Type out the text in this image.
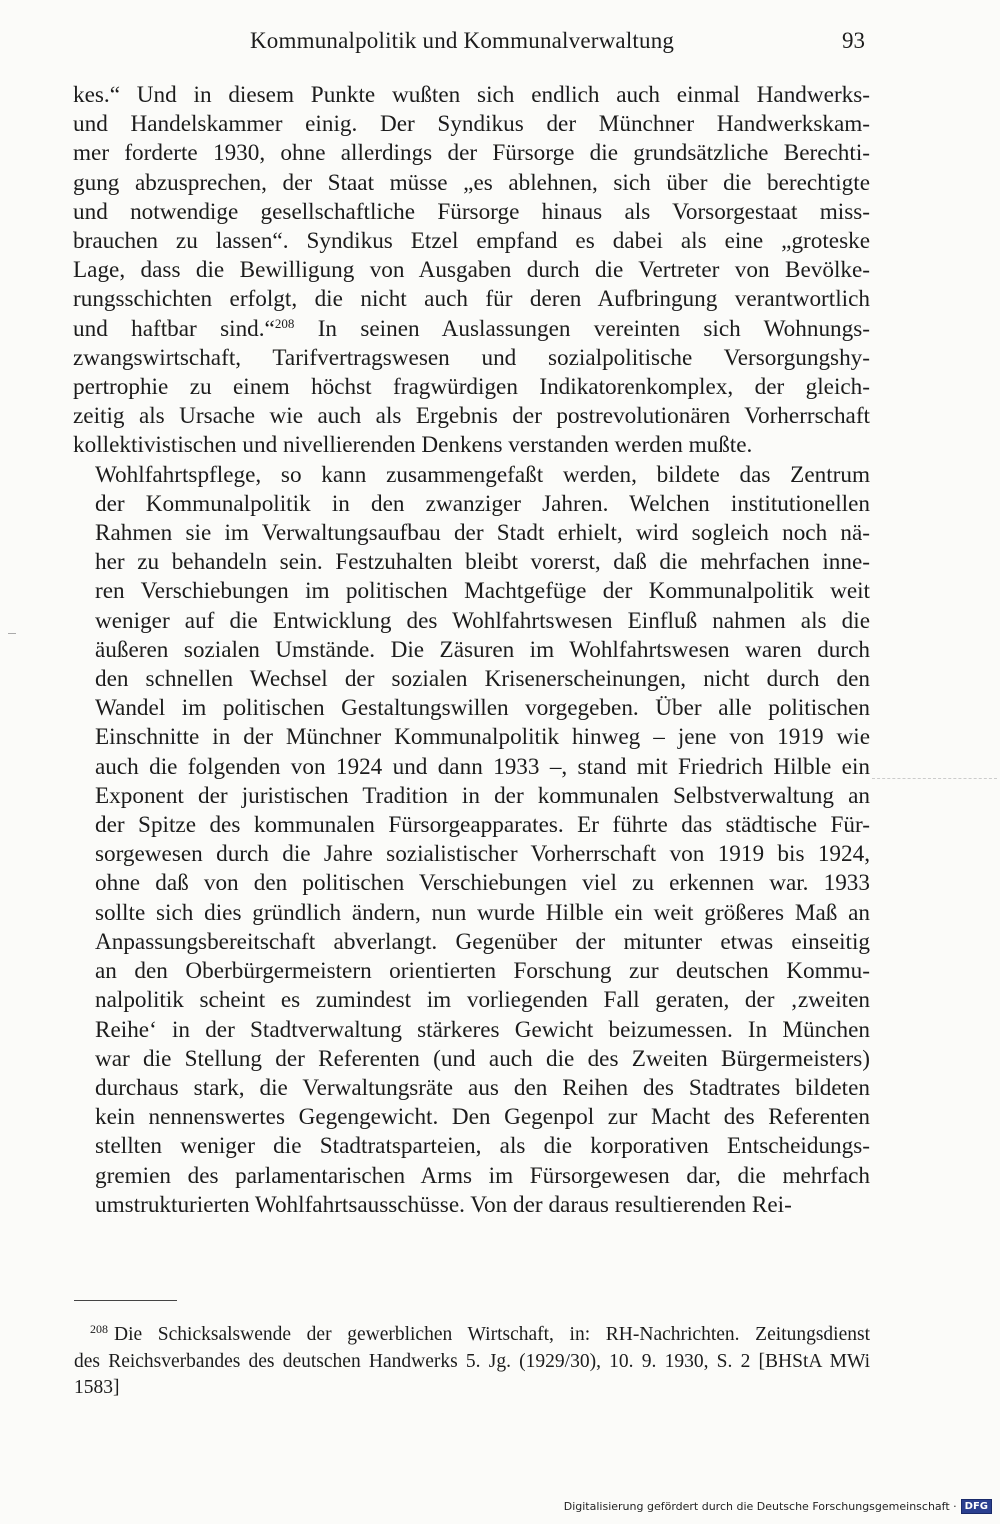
Kommunalpolitik und Kommunalverwaltung	93

kes.“ Und in diesem Punkte wußten sich endlich auch einmal Handwerks-
und Handelskammer einig. Der Syndikus der Münchner Handwerkskam-
mer forderte 1930, ohne allerdings der Fürsorge die grundsätzliche Berechti-
gung abzusprechen, der Staat müsse „es ablehnen, sich über die berechtigte
und notwendige gesellschaftliche Fürsorge hinaus als Vorsorgestaat miss-
brauchen zu lassen“. Syndikus Etzel empfand es dabei als eine „groteske
Lage, dass die Bewilligung von Ausgaben durch die Vertreter von Bevölke-
rungsschichten erfolgt, die nicht auch für deren Aufbringung verantwortlich
und haftbar sind.“$^{208}$ In seinen Auslassungen vereinten sich Wohnungs-
zwangswirtschaft, Tarifvertragswesen und sozialpolitische Versorgungshy-
pertrophie zu einem höchst fragwürdigen Indikatorenkomplex, der gleich-
zeitig als Ursache wie auch als Ergebnis der postrevolutionären Vorherrschaft
kollektivistischen und nivellierenden Denkens verstanden werden mußte.

Wohlfahrtspflege, so kann zusammengefaßt werden, bildete das Zentrum
der Kommunalpolitik in den zwanziger Jahren. Welchen institutionellen
Rahmen sie im Verwaltungsaufbau der Stadt erhielt, wird sogleich noch nä-
her zu behandeln sein. Festzuhalten bleibt vorerst, daß die mehrfachen inne-
ren Verschiebungen im politischen Machtgefüge der Kommunalpolitik weit
weniger auf die Entwicklung des Wohlfahrtswesen Einfluß nahmen als die
äußeren sozialen Umstände. Die Zäsuren im Wohlfahrtswesen waren durch
den schnellen Wechsel der sozialen Krisenerscheinungen, nicht durch den
Wandel im politischen Gestaltungswillen vorgegeben. Über alle politischen
Einschnitte in der Münchner Kommunalpolitik hinweg – jene von 1919 wie
auch die folgenden von 1924 und dann 1933 –, stand mit Friedrich Hilble ein
Exponent der juristischen Tradition in der kommunalen Selbstverwaltung an
der Spitze des kommunalen Fürsorgeapparates. Er führte das städtische Für-
sorgewesen durch die Jahre sozialistischer Vorherrschaft von 1919 bis 1924,
ohne daß von den politischen Verschiebungen viel zu erkennen war. 1933
sollte sich dies gründlich ändern, nun wurde Hilble ein weit größeres Maß an
Anpassungsbereitschaft abverlangt. Gegenüber der mitunter etwas einseitig
an den Oberbürgermeistern orientierten Forschung zur deutschen Kommu-
nalpolitik scheint es zumindest im vorliegenden Fall geraten, der ‚zweiten
Reihe‘ in der Stadtverwaltung stärkeres Gewicht beizumessen. In München
war die Stellung der Referenten (und auch die des Zweiten Bürgermeisters)
durchaus stark, die Verwaltungsräte aus den Reihen des Stadtrates bildeten
kein nennenswertes Gegengewicht. Den Gegenpol zur Macht des Referenten
stellten weniger die Stadtratsparteien, als die korporativen Entscheidungs-
gremien des parlamentarischen Arms im Fürsorgewesen dar, die mehrfach
umstrukturierten Wohlfahrtsausschüsse. Von der daraus resultierenden Rei-

$^{208}$ Die Schicksalswende der gewerblichen Wirtschaft, in: RH-Nachrichten. Zeitungsdienst
des Reichsverbandes des deutschen Handwerks 5. Jg. (1929/30), 10. 9. 1930, S. 2 [BHStA MWi
1583]
Digitalisierung gefördert durch die Deutsche Forschungsgemeinschaft · DFG
